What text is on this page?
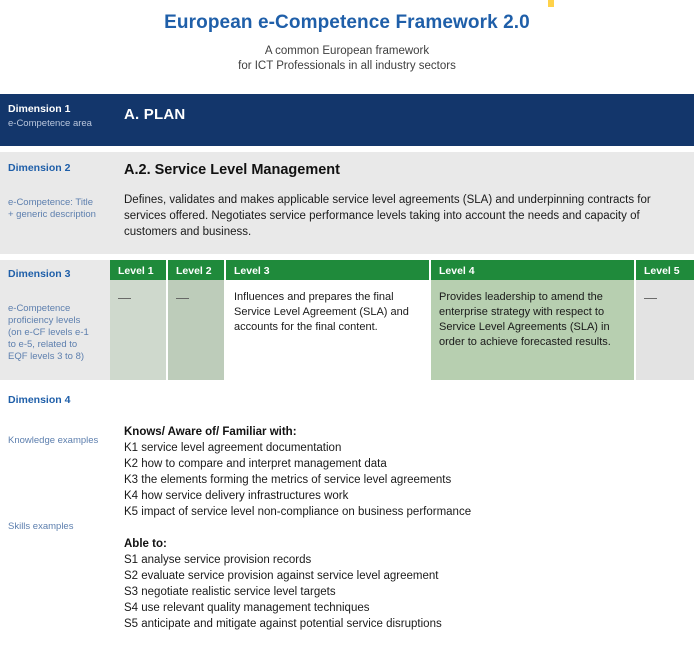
European e-Competence Framework 2.0
A common European framework
for ICT Professionals in all industry sectors
Dimension 1
e-Competence area
A. PLAN
Dimension 2
e-Competence: Title
+ generic description
A.2. Service Level Management
Defines, validates and makes applicable service level agreements (SLA) and underpinning contracts for services offered. Negotiates service performance levels taking into account the needs and capacity of customers and business.
Dimension 3
e-Competence
proficiency levels
(on e-CF levels e-1
to e-5, related to
EQF levels 3 to 8)
Level 1
—
Level 2
—
Level 3
Influences and prepares the final Service Level Agreement (SLA) and accounts for the final content.
Level 4
Provides leadership to amend the enterprise strategy with respect to Service Level Agreements (SLA) in order to achieve forecasted results.
Level 5
—
Dimension 4
Knowledge examples
Skills examples
Knows/ Aware of/ Familiar with:
K1 service level agreement documentation
K2 how to compare and interpret management data
K3 the elements forming the metrics of service level agreements
K4 how service delivery infrastructures work
K5 impact of service level non-compliance on business performance
Able to:
S1 analyse service provision records
S2 evaluate service provision against service level agreement
S3 negotiate realistic service level targets
S4 use relevant quality management techniques
S5 anticipate and mitigate against potential service disruptions
